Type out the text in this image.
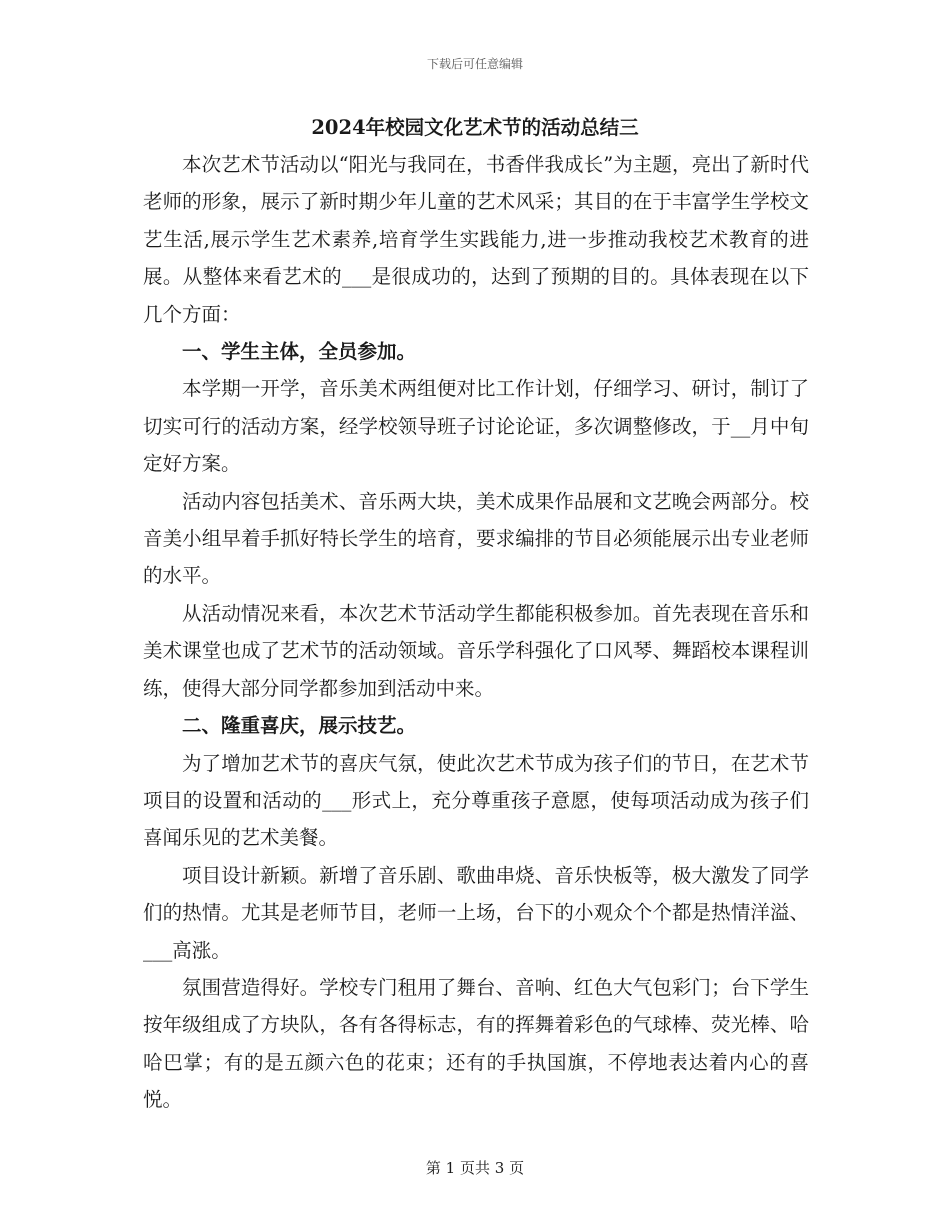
下载后可任意编辑
2024年校园文化艺术节的活动总结三

本次艺术节活动以“阳光与我同在，书香伴我成长”为主题，亮出了新时代老师的形象，展示了新时期少年儿童的艺术风采；其目的在于丰富学生学校文艺生活,展示学生艺术素养,培育学生实践能力,进一步推动我校艺术教育的进展。从整体来看艺术的___是很成功的，达到了预期的目的。具体表现在以下几个方面：

一、学生主体，全员参加。

本学期一开学，音乐美术两组便对比工作计划，仔细学习、研讨，制订了切实可行的活动方案，经学校领导班子讨论论证，多次调整修改，于__月中旬定好方案。

活动内容包括美术、音乐两大块，美术成果作品展和文艺晚会两部分。校音美小组早着手抓好特长学生的培育，要求编排的节目必须能展示出专业老师的水平。

从活动情况来看，本次艺术节活动学生都能积极参加。首先表现在音乐和美术课堂也成了艺术节的活动领域。音乐学科强化了口风琴、舞蹈校本课程训练，使得大部分同学都参加到活动中来。

二、隆重喜庆，展示技艺。

为了增加艺术节的喜庆气氛，使此次艺术节成为孩子们的节日，在艺术节项目的设置和活动的___形式上，充分尊重孩子意愿，使每项活动成为孩子们喜闻乐见的艺术美餐。

项目设计新颖。新增了音乐剧、歌曲串烧、音乐快板等，极大激发了同学们的热情。尤其是老师节目，老师一上场，台下的小观众个个都是热情洋溢、___高涨。

氛围营造得好。学校专门租用了舞台、音响、红色大气包彩门；台下学生按年级组成了方块队，各有各得标志，有的挥舞着彩色的气球棒、荧光棒、哈哈巴掌；有的是五颜六色的花束；还有的手执国旗，不停地表达着内心的喜悦。

第 1 页共 3 页
